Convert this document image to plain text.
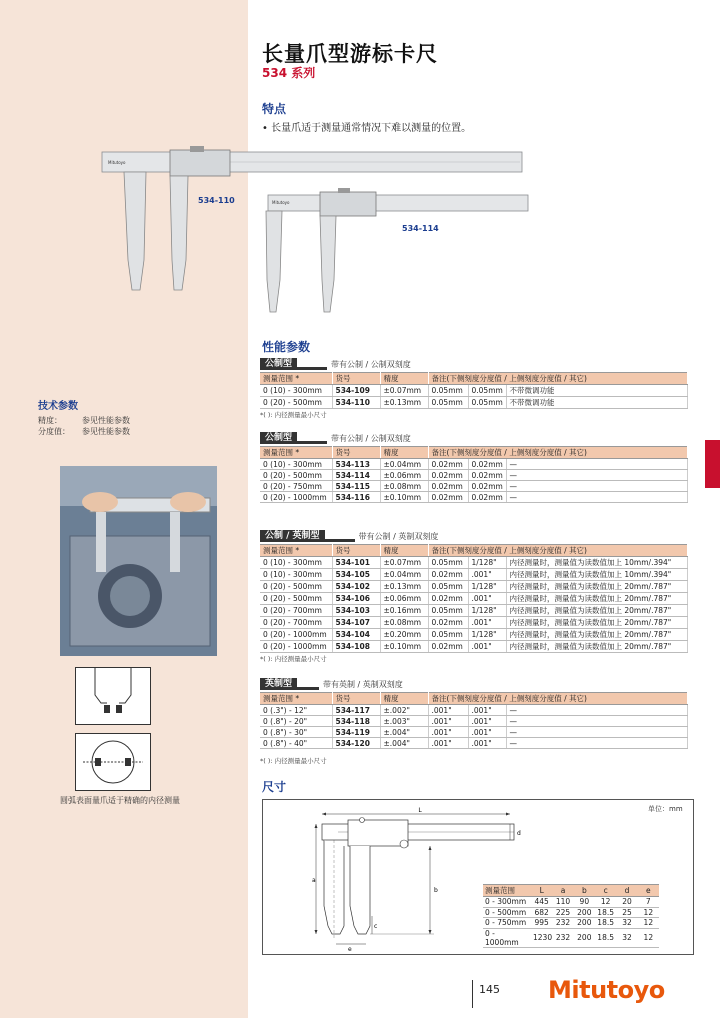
长量爪型游标卡尺
534 系列
特点
• 长量爪适于测量通常情况下难以测量的位置。
Mitutoyo
Mitutoyo
534-110
534-114
技术参数
精度：	参见性能参数
分度值： 参见性能参数
圆弧表面量爪适于精确的内径测量
性能参数
公制型	带有公制 / 公制双刻度
测量范围 *	货号	精度	备注(下侧刻度分度值 / 上侧刻度分度值 / 其它)		
0 (10) - 300mm	534-109	±0.07mm	0.05mm	0.05mm	不带微调功能
0 (20) - 500mm	534-110	±0.13mm	0.05mm	0.05mm	不带微调功能
*( ): 内径测量最小尺寸
公制型	带有公制 / 公制双刻度
测量范围 *	货号	精度	备注(下侧刻度分度值 / 上侧刻度分度值 / 其它)		
0 (10) - 300mm	534-113	±0.04mm	0.02mm	0.02mm	—
0 (20) - 500mm	534-114	±0.06mm	0.02mm	0.02mm	—
0 (20) - 750mm	534-115	±0.08mm	0.02mm	0.02mm	—
0 (20) - 1000mm	534-116	±0.10mm	0.02mm	0.02mm	—
公制 / 英制型	带有公制 / 英制双刻度
测量范围 *	货号	精度	备注(下侧刻度分度值 / 上侧刻度分度值 / 其它)		
0 (10) - 300mm	534-101	±0.07mm	0.05mm	1/128"	内径测量时，测量值为读数值加上 10mm/.394"
0 (10) - 300mm	534-105	±0.04mm	0.02mm	.001"	内径测量时，测量值为读数值加上 10mm/.394"
0 (20) - 500mm	534-102	±0.13mm	0.05mm	1/128"	内径测量时，测量值为读数值加上 20mm/.787"
0 (20) - 500mm	534-106	±0.06mm	0.02mm	.001"	内径测量时，测量值为读数值加上 20mm/.787"
0 (20) - 700mm	534-103	±0.16mm	0.05mm	1/128"	内径测量时，测量值为读数值加上 20mm/.787"
0 (20) - 700mm	534-107	±0.08mm	0.02mm	.001"	内径测量时，测量值为读数值加上 20mm/.787"
0 (20) - 1000mm	534-104	±0.20mm	0.05mm	1/128"	内径测量时，测量值为读数值加上 20mm/.787"
0 (20) - 1000mm	534-108	±0.10mm	0.02mm	.001"	内径测量时，测量值为读数值加上 20mm/.787"
*( ): 内径测量最小尺寸
英制型	带有英制 / 英制双刻度
测量范围 *	货号	精度	备注(下侧刻度分度值 / 上侧刻度分度值 / 其它)		
0 (.3") - 12"	534-117	±.002"	.001"	.001"	—
0 (.8") - 20"	534-118	±.003"	.001"	.001"	—
0 (.8") - 30"	534-119	±.004"	.001"	.001"	—
0 (.8") - 40"	534-120	±.004"	.001"	.001"	—
*( ): 内径测量最小尺寸
尺寸
单位：mm
L
d
a
b
c
e
测量范围	L	a	b	c	d	e
0 - 300mm	445	110	90	12	20	7
0 - 500mm	682	225	200	18.5	25	12
0 - 750mm	995	232	200	18.5	32	12
0 - 1000mm	1230	232	200	18.5	32	12
145 Mitutoyo
